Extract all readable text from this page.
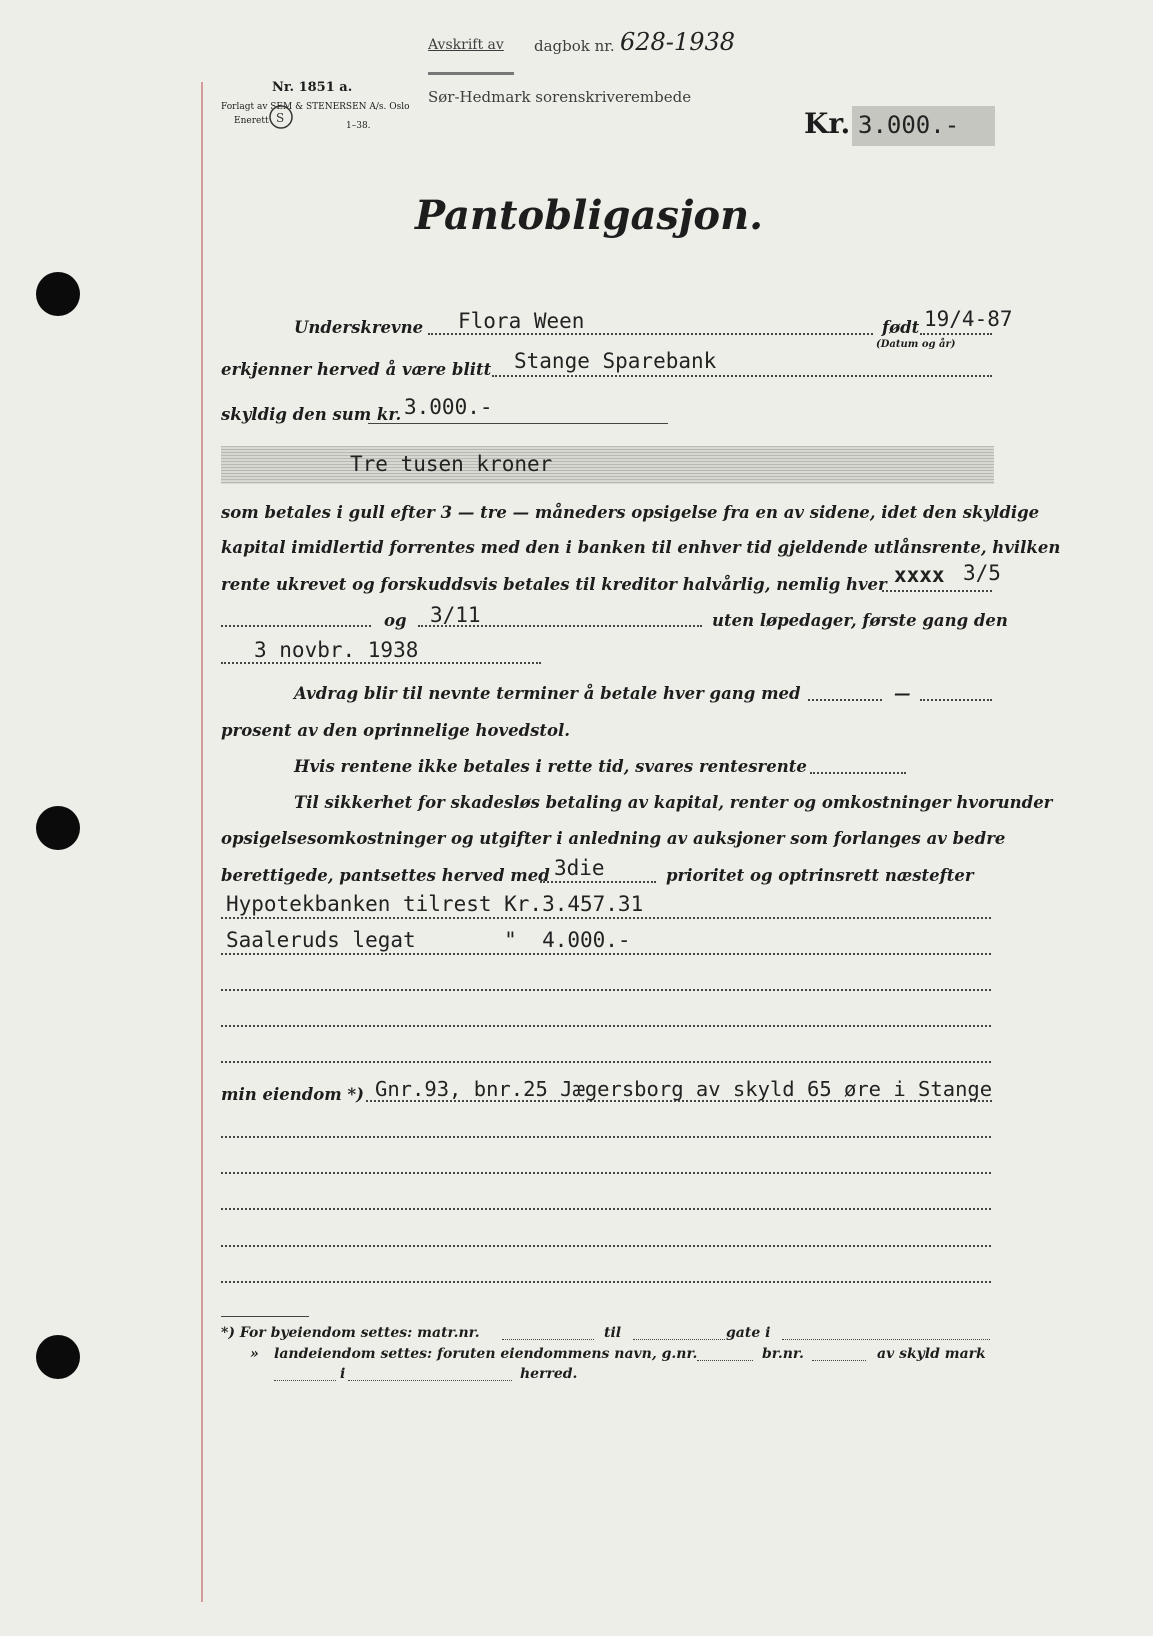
Nr. 1851 a.
Forlagt av SEM & STENERSEN A/s. Oslo
Enerett S
1–38.
Avskrift av dagbok nr. 628-1938
Sør-Hedmark sorenskriverembede
Kr. 3.000.-
Pantobligasjon.
Underskrevne Flora Ween	født 19/4-87
(Datum og år)
erkjenner herved å være blitt Stange Sparebank
skyldig den sum kr. 3.000.-
Tre tusen kroner
som betales i gull efter 3 — tre — måneders opsigelse fra en av sidene, idet den skyldige
kapital imidlertid forrentes med den i banken til enhver tid gjeldende utlånsrente, hvilken
rente ukrevet og forskuddsvis betales til kreditor halvårlig, nemlig hver xxxx 3/5
og 3/11	uten løpedager, første gang den
3 novbr. 1938
Avdrag blir til nevnte terminer å betale hver gang med	—
prosent av den oprinnelige hovedstol.
Hvis rentene ikke betales i rette tid, svares rentesrente
Til sikkerhet for skadesløs betaling av kapital, renter og omkostninger hvorunder
opsigelsesomkostninger og utgifter i anledning av auksjoner som forlanges av bedre
berettigede, pantsettes herved med 3die	prioritet og optrinsrett næstefter
Hypotekbanken tilrest Kr.3.457.31
Saaleruds legat       "  4.000.-
min eiendom *) Gnr.93, bnr.25 Jægersborg av skyld 65 øre i Stange
*) For byeiendom settes: matr.nr.	til	gate i
» landeiendom settes: foruten eiendommens navn, g.nr.	br.nr.	av skyld mark
i	herred.
